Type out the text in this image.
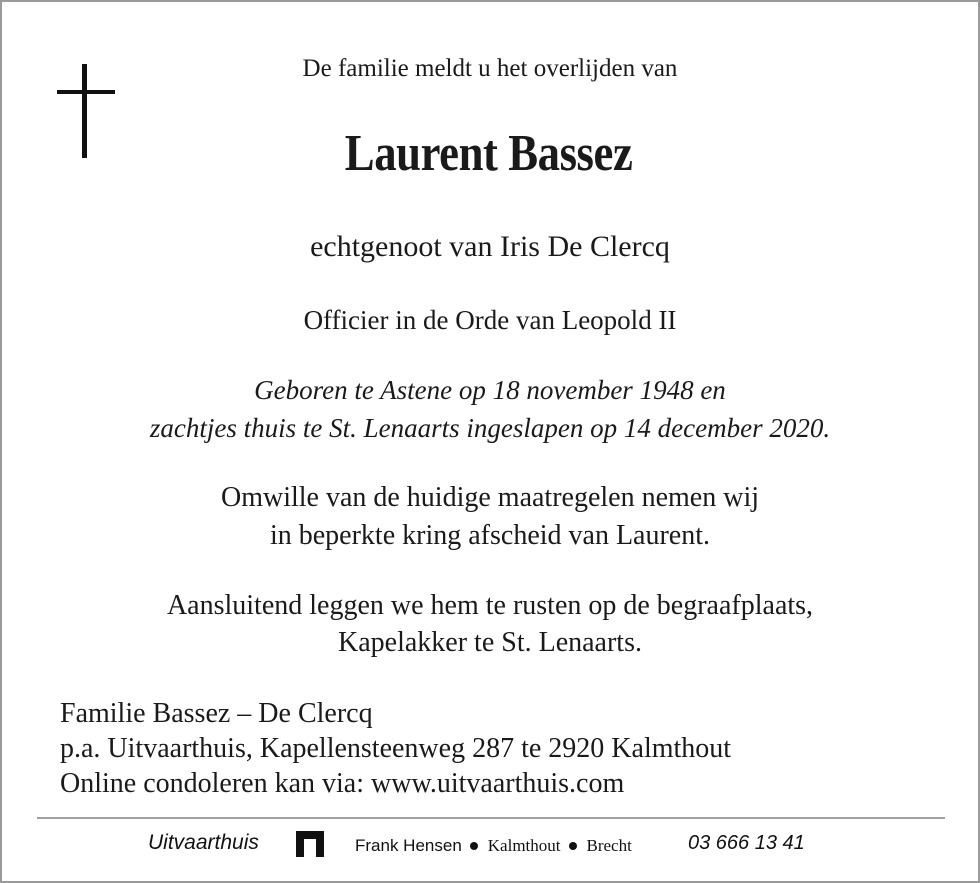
De familie meldt u het overlijden van
Laurent Bassez
echtgenoot van Iris De Clercq
Officier in de Orde van Leopold II
Geboren te Astene op 18 november 1948 en
zachtjes thuis te St. Lenaarts ingeslapen op 14 december 2020.
Omwille van de huidige maatregelen nemen wij
in beperkte kring afscheid van Laurent.
Aansluitend leggen we hem te rusten op de begraafplaats,
Kapelakker te St. Lenaarts.
Familie Bassez – De Clercq
p.a. Uitvaarthuis, Kapellensteenweg 287 te 2920 Kalmthout
Online condoleren kan via: www.uitvaarthuis.com
Uitvaarthuis	Frank Hensen Kalmthout Brecht	03 666 13 41
